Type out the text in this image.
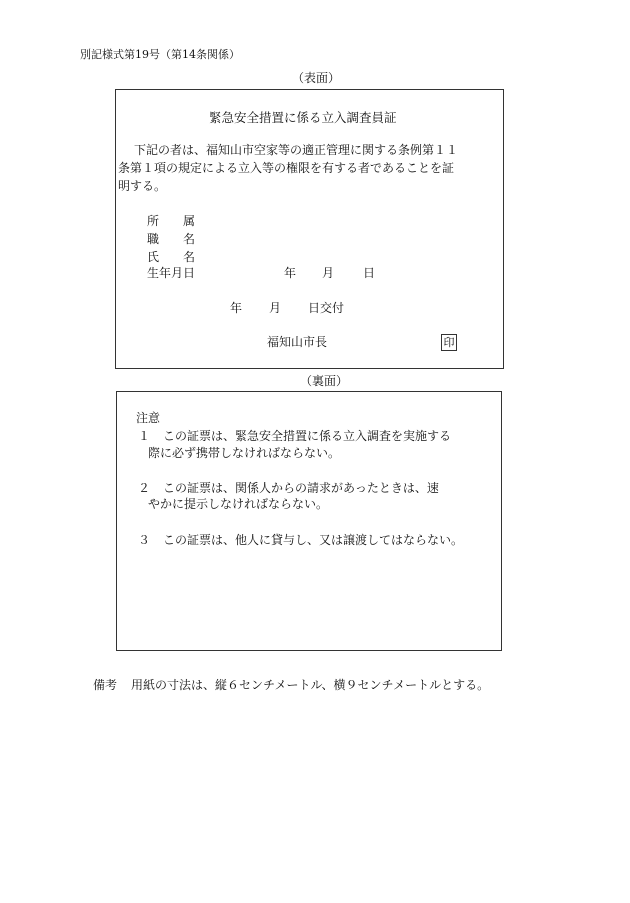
別記様式第19号（第14条関係）
（表面）
緊急安全措置に係る立入調査員証
下記の者は、福知山市空家等の適正管理に関する条例第１１
条第１項の規定による立入等の権限を有する者であることを証
明する。
所　　属
職　　名
氏　　名
生年月日	年 月 日
年 月 日交付
福知山市長	印
（裏面）
注意
１ この証票は、緊急安全措置に係る立入調査を実施する
際に必ず携帯しなければならない。
２ この証票は、関係人からの請求があったときは、速
やかに提示しなければならない。
３ この証票は、他人に貸与し、又は譲渡してはならない。
備考 用紙の寸法は、縦６センチメートル、横９センチメートルとする。
